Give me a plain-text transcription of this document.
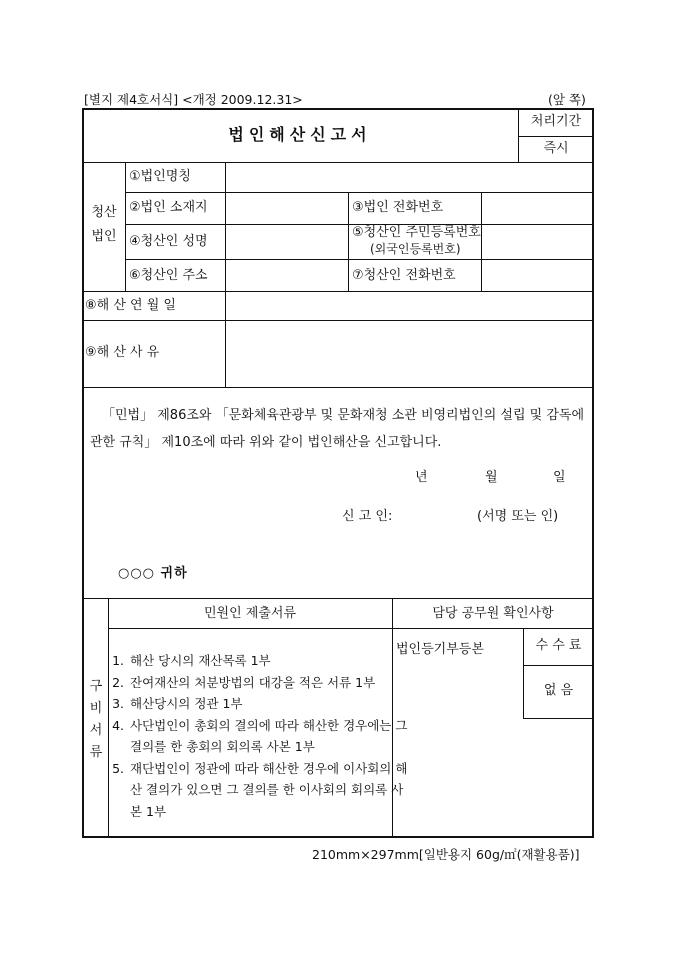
[별지 제4호서식] <개정 2009.12.31>	(앞 쪽)
법인해산신고서
처리기간
즉시
청산
법인
①법인명칭
②법인 소재지	③법인 전화번호
④청산인 성명
⑤청산인 주민등록번호
(외국인등록번호)
⑥청산인 주소	⑦청산인 전화번호
⑧해 산 연 월 일
⑨해 산 사 유
「민법」 제86조와 「문화체육관광부 및 문화재청 소관 비영리법인의 설립 및 감독에 관한 규칙」 제10조에 따라 위와 같이 법인해산을 신고합니다.
년	월	일
신 고 인:	(서명 또는 인)
○○○ 귀하
구
비
서
류
민원인 제출서류	담당 공무원 확인사항
1. 해산 당시의 재산목록 1부
2. 잔여재산의 처분방법의 대강을 적은 서류 1부
3. 해산당시의 정관 1부
4. 사단법인이 총회의 결의에 따라 해산한 경우에는 그 결의를 한 총회의 회의록 사본 1부
5. 재단법인이 정관에 따라 해산한 경우에 이사회의 해산 결의가 있으면 그 결의를 한 이사회의 회의록 사본 1부
법인등기부등본	수 수 료
없 음
210mm×297mm[일반용지 60g/㎡(재활용품)]
